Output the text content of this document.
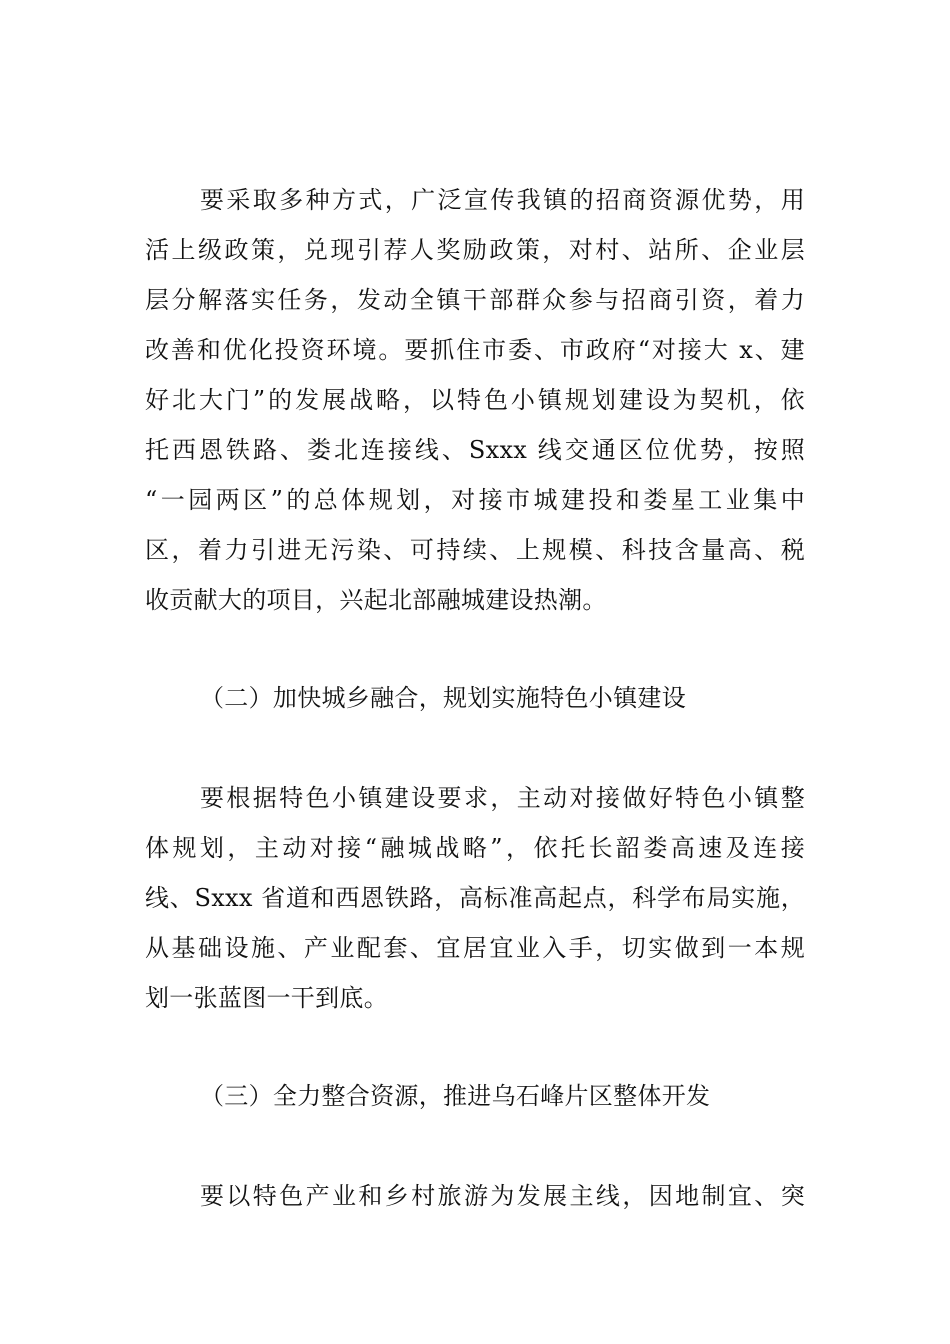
要采取多种方式，广泛宣传我镇的招商资源优势，用
活上级政策，兑现引荐人奖励政策，对村、站所、企业层
层分解落实任务，发动全镇干部群众参与招商引资，着力
改善和优化投资环境。要抓住市委、市政府“对接大 x、建
好北大门”的发展战略，以特色小镇规划建设为契机，依
托西恩铁路、娄北连接线、Sxxx 线交通区位优势，按照
“一园两区”的总体规划，对接市城建投和娄星工业集中
区，着力引进无污染、可持续、上规模、科技含量高、税
收贡献大的项目，兴起北部融城建设热潮。
（二）加快城乡融合，规划实施特色小镇建设
要根据特色小镇建设要求，主动对接做好特色小镇整
体规划，主动对接“融城战略”，依托长韶娄高速及连接
线、Sxxx 省道和西恩铁路，高标准高起点，科学布局实施，
从基础设施、产业配套、宜居宜业入手，切实做到一本规
划一张蓝图一干到底。
（三）全力整合资源，推进乌石峰片区整体开发
要以特色产业和乡村旅游为发展主线，因地制宜、突
